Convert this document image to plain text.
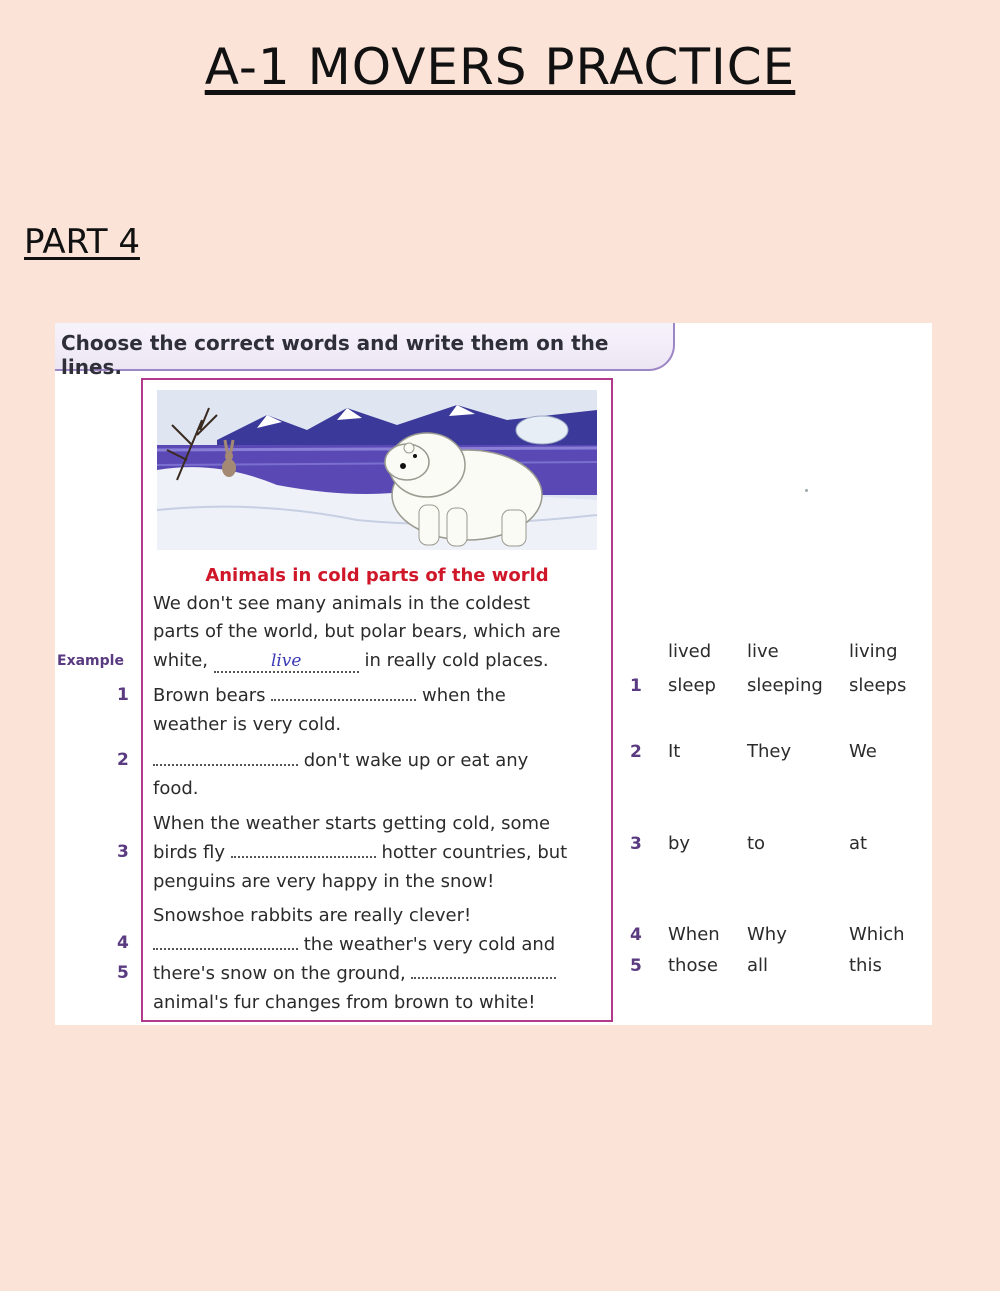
A-1 MOVERS PRACTICE
PART 4
Choose the correct words and write them on the lines.
Animals in cold parts of the world
We don't see many animals in the coldest
parts of the world, but polar bears, which are
white,	live	in really cold places.
Brown bears	when the
weather is very cold.
don't wake up or eat any
food.
When the weather starts getting cold, some
birds fly	hotter countries, but
penguins are very happy in the snow!
Snowshoe rabbits are really clever!
the weather's very cold and
there's snow on the ground,
animal's fur changes from brown to white!
Example
1
2
3
4
5
lived live	living
1 sleep sleeping sleeps
2 It	They	We
3 by	to	at
4 When Why	Which
5 those all	this
